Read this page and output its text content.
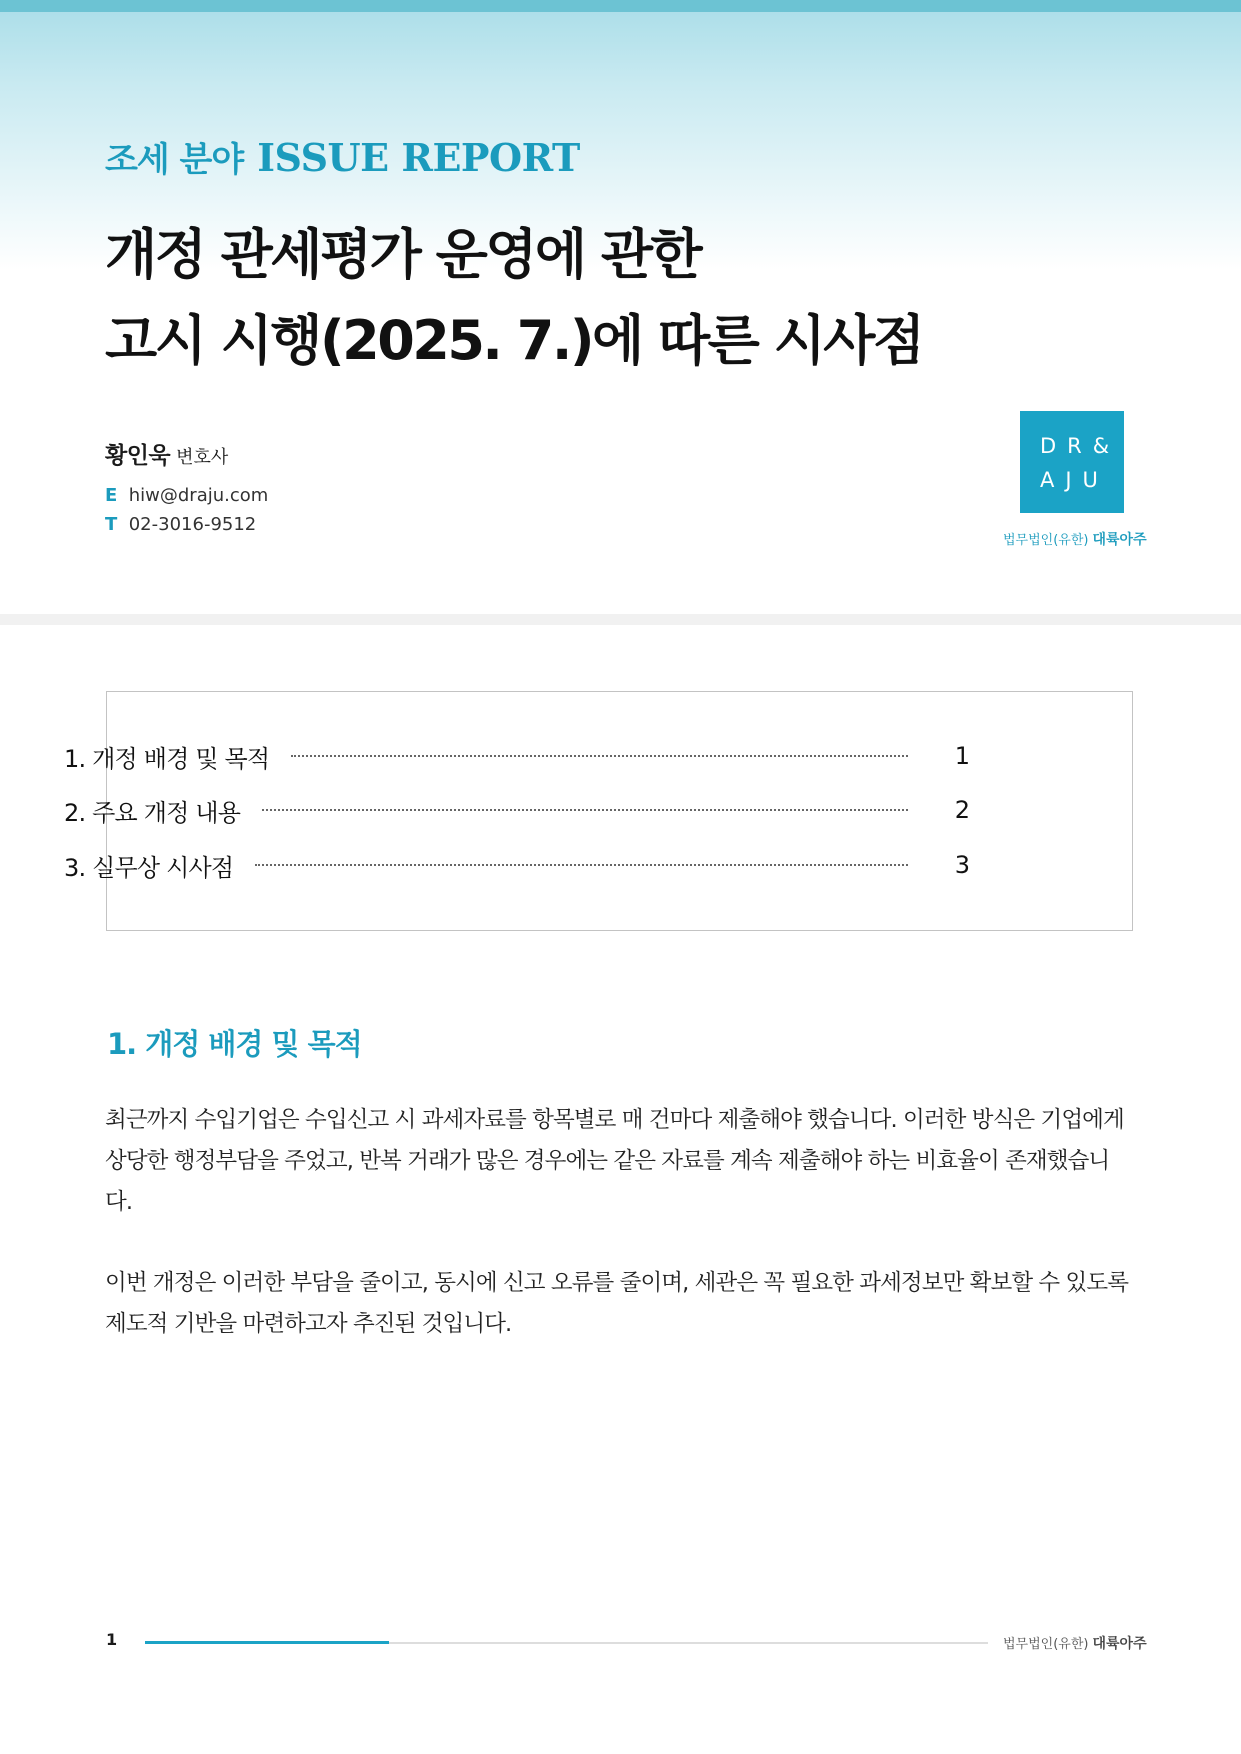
조세 분야 ISSUE REPORT
개정 관세평가 운영에 관한
고시 시행(2025. 7.)에 따른 시사점
황인욱 변호사
E hiw@draju.com
T 02-3016-9512
DR&
AJU
법무법인(유한) 대륙아주
1. 개정 배경 및 목적	1
2. 주요 개정 내용	2
3. 실무상 시사점	3
1. 개정 배경 및 목적

최근까지 수입기업은 수입신고 시 과세자료를 항목별로 매 건마다 제출해야 했습니다. 이러한 방식은 기업에게 상당한 행정부담을 주었고, 반복 거래가 많은 경우에는 같은 자료를 계속 제출해야 하는 비효율이 존재했습니다.

이번 개정은 이러한 부담을 줄이고, 동시에 신고 오류를 줄이며, 세관은 꼭 필요한 과세정보만 확보할 수 있도록 제도적 기반을 마련하고자 추진된 것입니다.

1	법무법인(유한) 대륙아주
